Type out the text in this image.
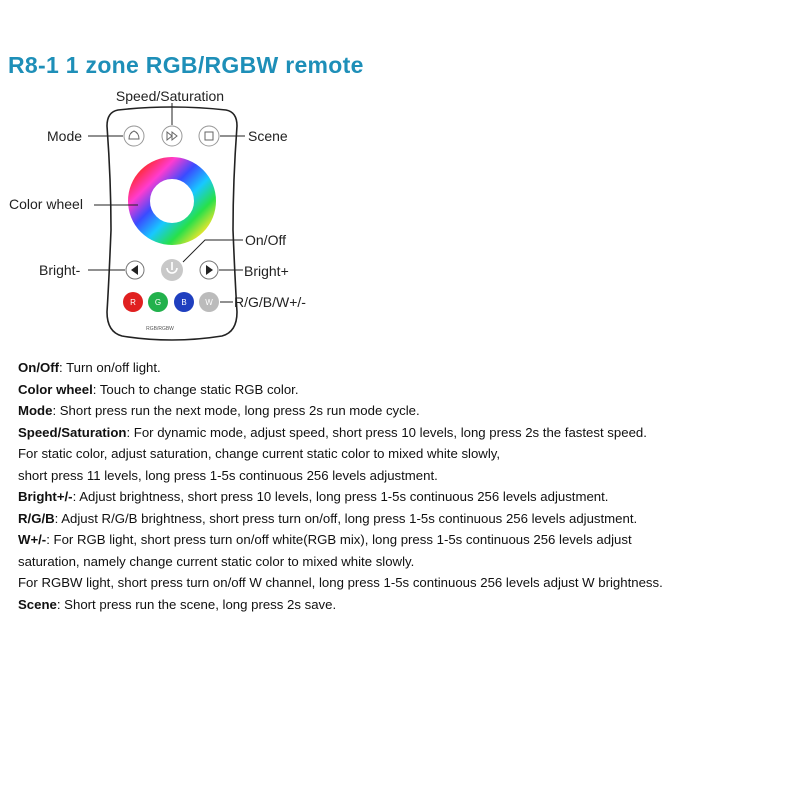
R8-1 1 zone RGB/RGBW remote
R G	B W
RGB/RGBW
Speed/Saturation
Mode	Scene
Color wheel
On/Off
Bright-	Bright+
R/G/B/W+/-

On/Off: Turn on/off light.

Color wheel: Touch to change static RGB color.

Mode: Short press run the next mode, long press 2s run mode cycle.

Speed/Saturation: For dynamic mode, adjust speed, short press 10 levels, long press 2s the fastest speed.

For static color, adjust saturation, change current static color to mixed white slowly,

short press 11 levels, long press 1-5s continuous 256 levels adjustment.

Bright+/-: Adjust brightness, short press 10 levels, long press 1-5s continuous 256 levels adjustment.

R/G/B: Adjust R/G/B brightness, short press turn on/off, long press 1-5s continuous 256 levels adjustment.

W+/-: For RGB light, short press turn on/off white(RGB mix), long press 1-5s continuous 256 levels adjust

saturation, namely change current static color to mixed white slowly.

For RGBW light, short press turn on/off W channel, long press 1-5s continuous 256 levels adjust W brightness.

Scene: Short press run the scene, long press 2s save.
